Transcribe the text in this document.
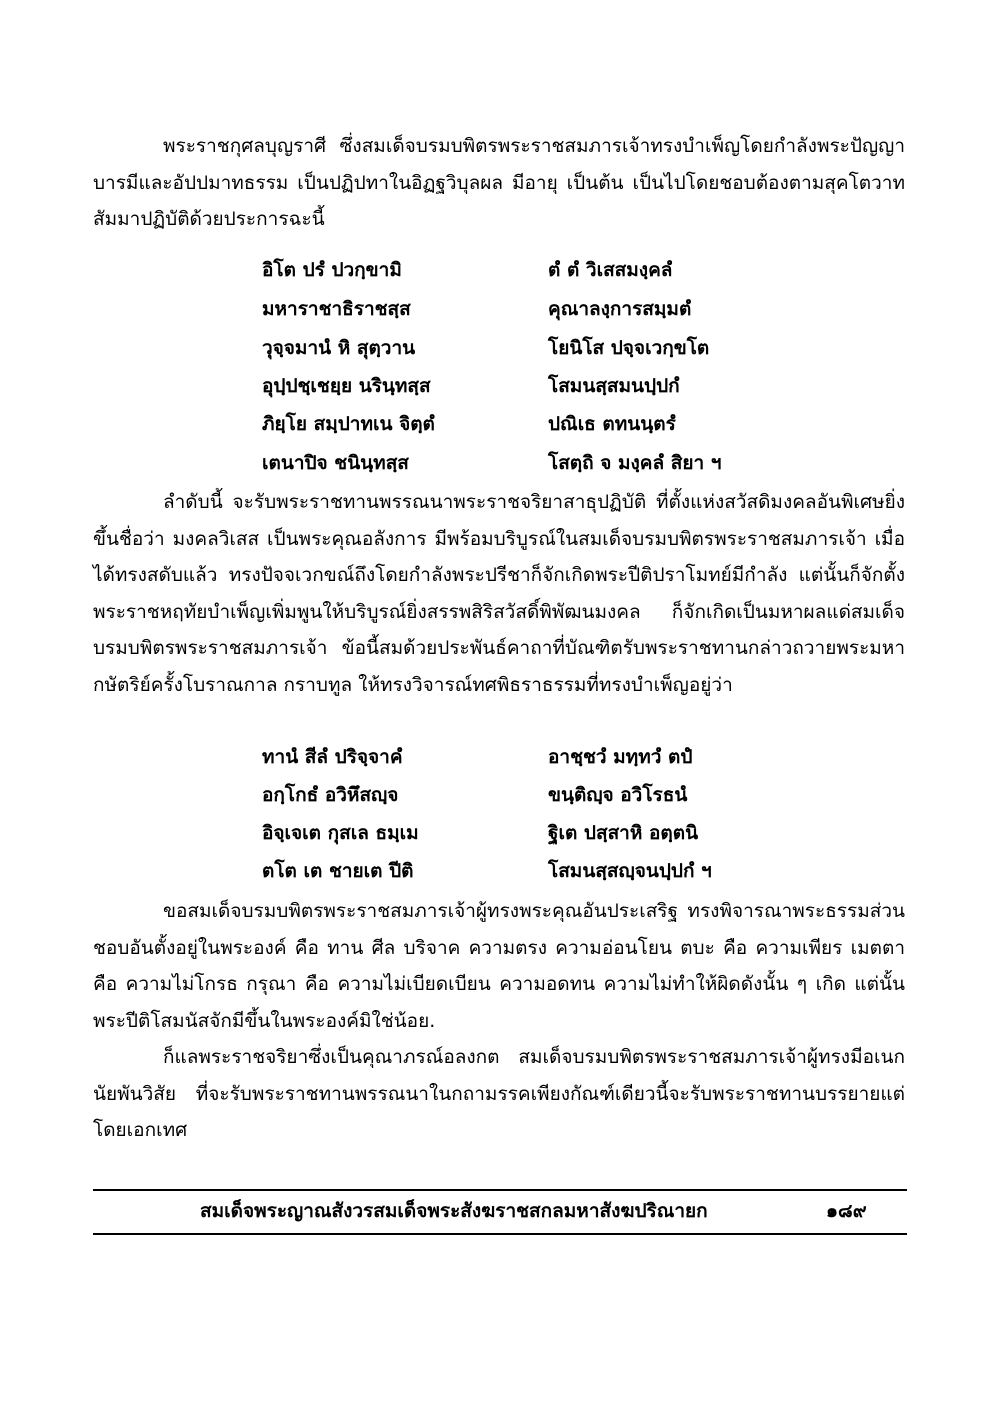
พระราชกุศลบุญราศี ซึ่งสมเด็จบรมบพิตรพระราชสมภารเจ้าทรงบำเพ็ญโดยกำลังพระปัญญาบารมีและอัปปมาทธรรม เป็นปฏิปทาในอิฏฐวิบุลผล มีอายุ เป็นต้น เป็นไปโดยชอบต้องตามสุคโตวาทสัมมาปฏิบัติด้วยประการฉะนี้

อิโต ปรํ ปวกฺขามิ	ตํ ตํ วิเสสมงฺคลํ
มหาราชาธิราชสฺส	คุณาลงฺการสมฺมตํ
วุจฺจมานํ หิ สุตฺวาน	โยนิโส ปจฺจเวกฺขโต
อุปฺปชฺเชยฺย นรินฺทสฺส	โสมนสฺสมนปฺปกํ
ภิยฺโย สมฺปาทเน จิตฺตํ	ปณิเธ ตทนนฺตรํ
เตนาปิจ ชนินฺทสฺส	โสตฺถิ จ มงฺคลํ สิยา ฯ

ลำดับนี้ จะรับพระราชทานพรรณนาพระราชจริยาสาธุปฏิบัติ ที่ตั้งแห่งสวัสดิมงคลอันพิเศษยิ่งขึ้นชื่อว่า มงคลวิเสส เป็นพระคุณอลังการ มีพร้อมบริบูรณ์ในสมเด็จบรมบพิตรพระราชสมภารเจ้า เมื่อได้ทรงสดับแล้ว ทรงปัจจเวกขณ์ถึงโดยกำลังพระปรีชาก็จักเกิดพระปีติปราโมทย์มีกำลัง แต่นั้นก็จักตั้งพระราชหฤทัยบำเพ็ญเพิ่มพูนให้บริบูรณ์ยิ่งสรรพสิริสวัสดิ์พิพัฒนมงคล ก็จักเกิดเป็นมหาผลแด่สมเด็จบรมบพิตรพระราชสมภารเจ้า ข้อนี้สมด้วยประพันธ์คาถาที่บัณฑิตรับพระราชทานกล่าวถวายพระมหากษัตริย์ครั้งโบราณกาล กราบทูล ให้ทรงวิจารณ์ทศพิธราธรรมที่ทรงบำเพ็ญอยู่ว่า

ทานํ สีลํ ปริจฺจาคํ	อาชฺชวํ มทฺทวํ ตปํ
อกฺโกธํ อวิหึสญฺจ	ขนฺติญฺจ อวิโรธนํ
อิจฺเจเต กุสเล ธมฺเม	ฐิเต ปสฺสาหิ อตฺตนิ
ตโต เต ชายเต ปีติ	โสมนสฺสญฺจนปฺปกํ ฯ

ขอสมเด็จบรมบพิตรพระราชสมภารเจ้าผู้ทรงพระคุณอันประเสริฐ ทรงพิจารณาพระธรรมส่วนชอบอันตั้งอยู่ในพระองค์ คือ ทาน ศีล บริจาค ความตรง ความอ่อนโยน ตบะ คือ ความเพียร เมตตา คือ ความไม่โกรธ กรุณา คือ ความไม่เบียดเบียน ความอดทน ความไม่ทำให้ผิดดังนั้น ๆ เกิด แต่นั้น พระปีติโสมนัสจักมีขึ้นในพระองค์มิใช่น้อย.

ก็แลพระราชจริยาซึ่งเป็นคุณาภรณ์อลงกต สมเด็จบรมบพิตรพระราชสมภารเจ้าผู้ทรงมีอเนกนัยพันวิสัย ที่จะรับพระราชทานพรรณนาในกถามรรคเพียงกัณฑ์เดียวนี้จะรับพระราชทานบรรยายแต่โดยเอกเทศ

สมเด็จพระญาณสังวรสมเด็จพระสังฆราชสกลมหาสังฆปริณายก	๑๘๙
